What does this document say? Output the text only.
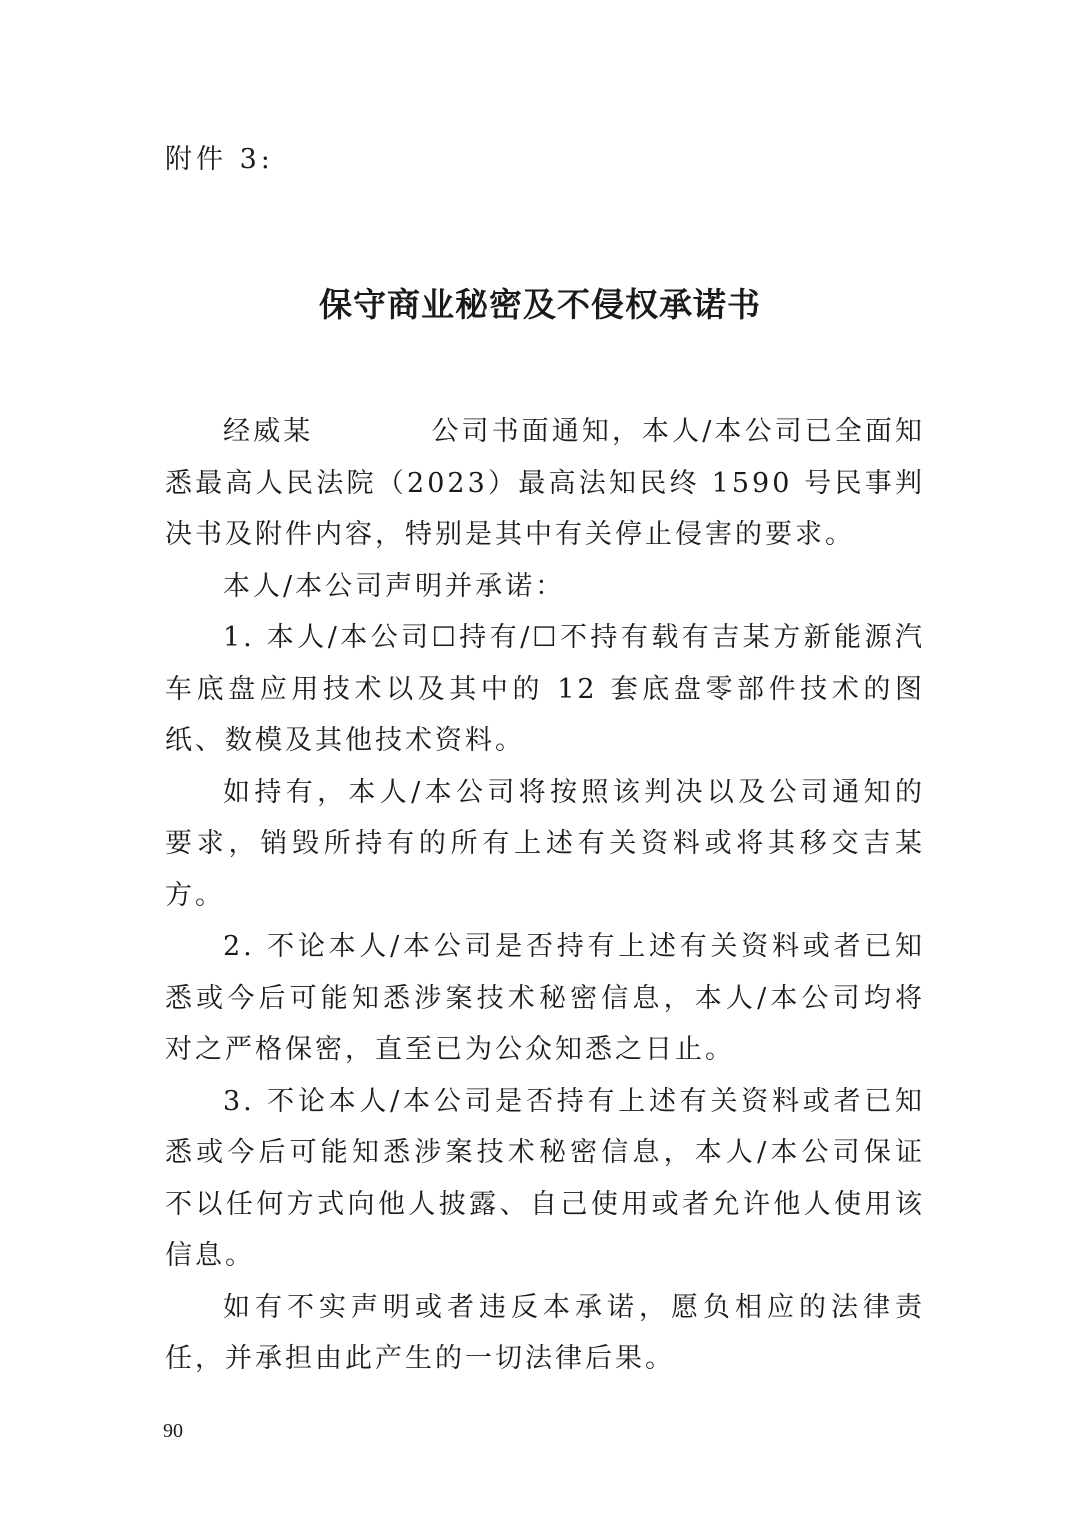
附件 3:
保守商业秘密及不侵权承诺书

经威某	公司书面通知，本人/本公司已全面知悉最高人民法院（2023）最高法知民终 1590 号民事判决书及附件内容，特别是其中有关停止侵害的要求。

本人/本公司声明并承诺：

1. 本人/本公司☐持有/☐不持有载有吉某方新能源汽车底盘应用技术以及其中的 12 套底盘零部件技术的图纸、数模及其他技术资料。

如持有，本人/本公司将按照该判决以及公司通知的要求，销毁所持有的所有上述有关资料或将其移交吉某方。

2. 不论本人/本公司是否持有上述有关资料或者已知悉或今后可能知悉涉案技术秘密信息，本人/本公司均将对之严格保密，直至已为公众知悉之日止。

3. 不论本人/本公司是否持有上述有关资料或者已知悉或今后可能知悉涉案技术秘密信息，本人/本公司保证不以任何方式向他人披露、自己使用或者允许他人使用该信息。

如有不实声明或者违反本承诺，愿负相应的法律责任，并承担由此产生的一切法律后果。

90
